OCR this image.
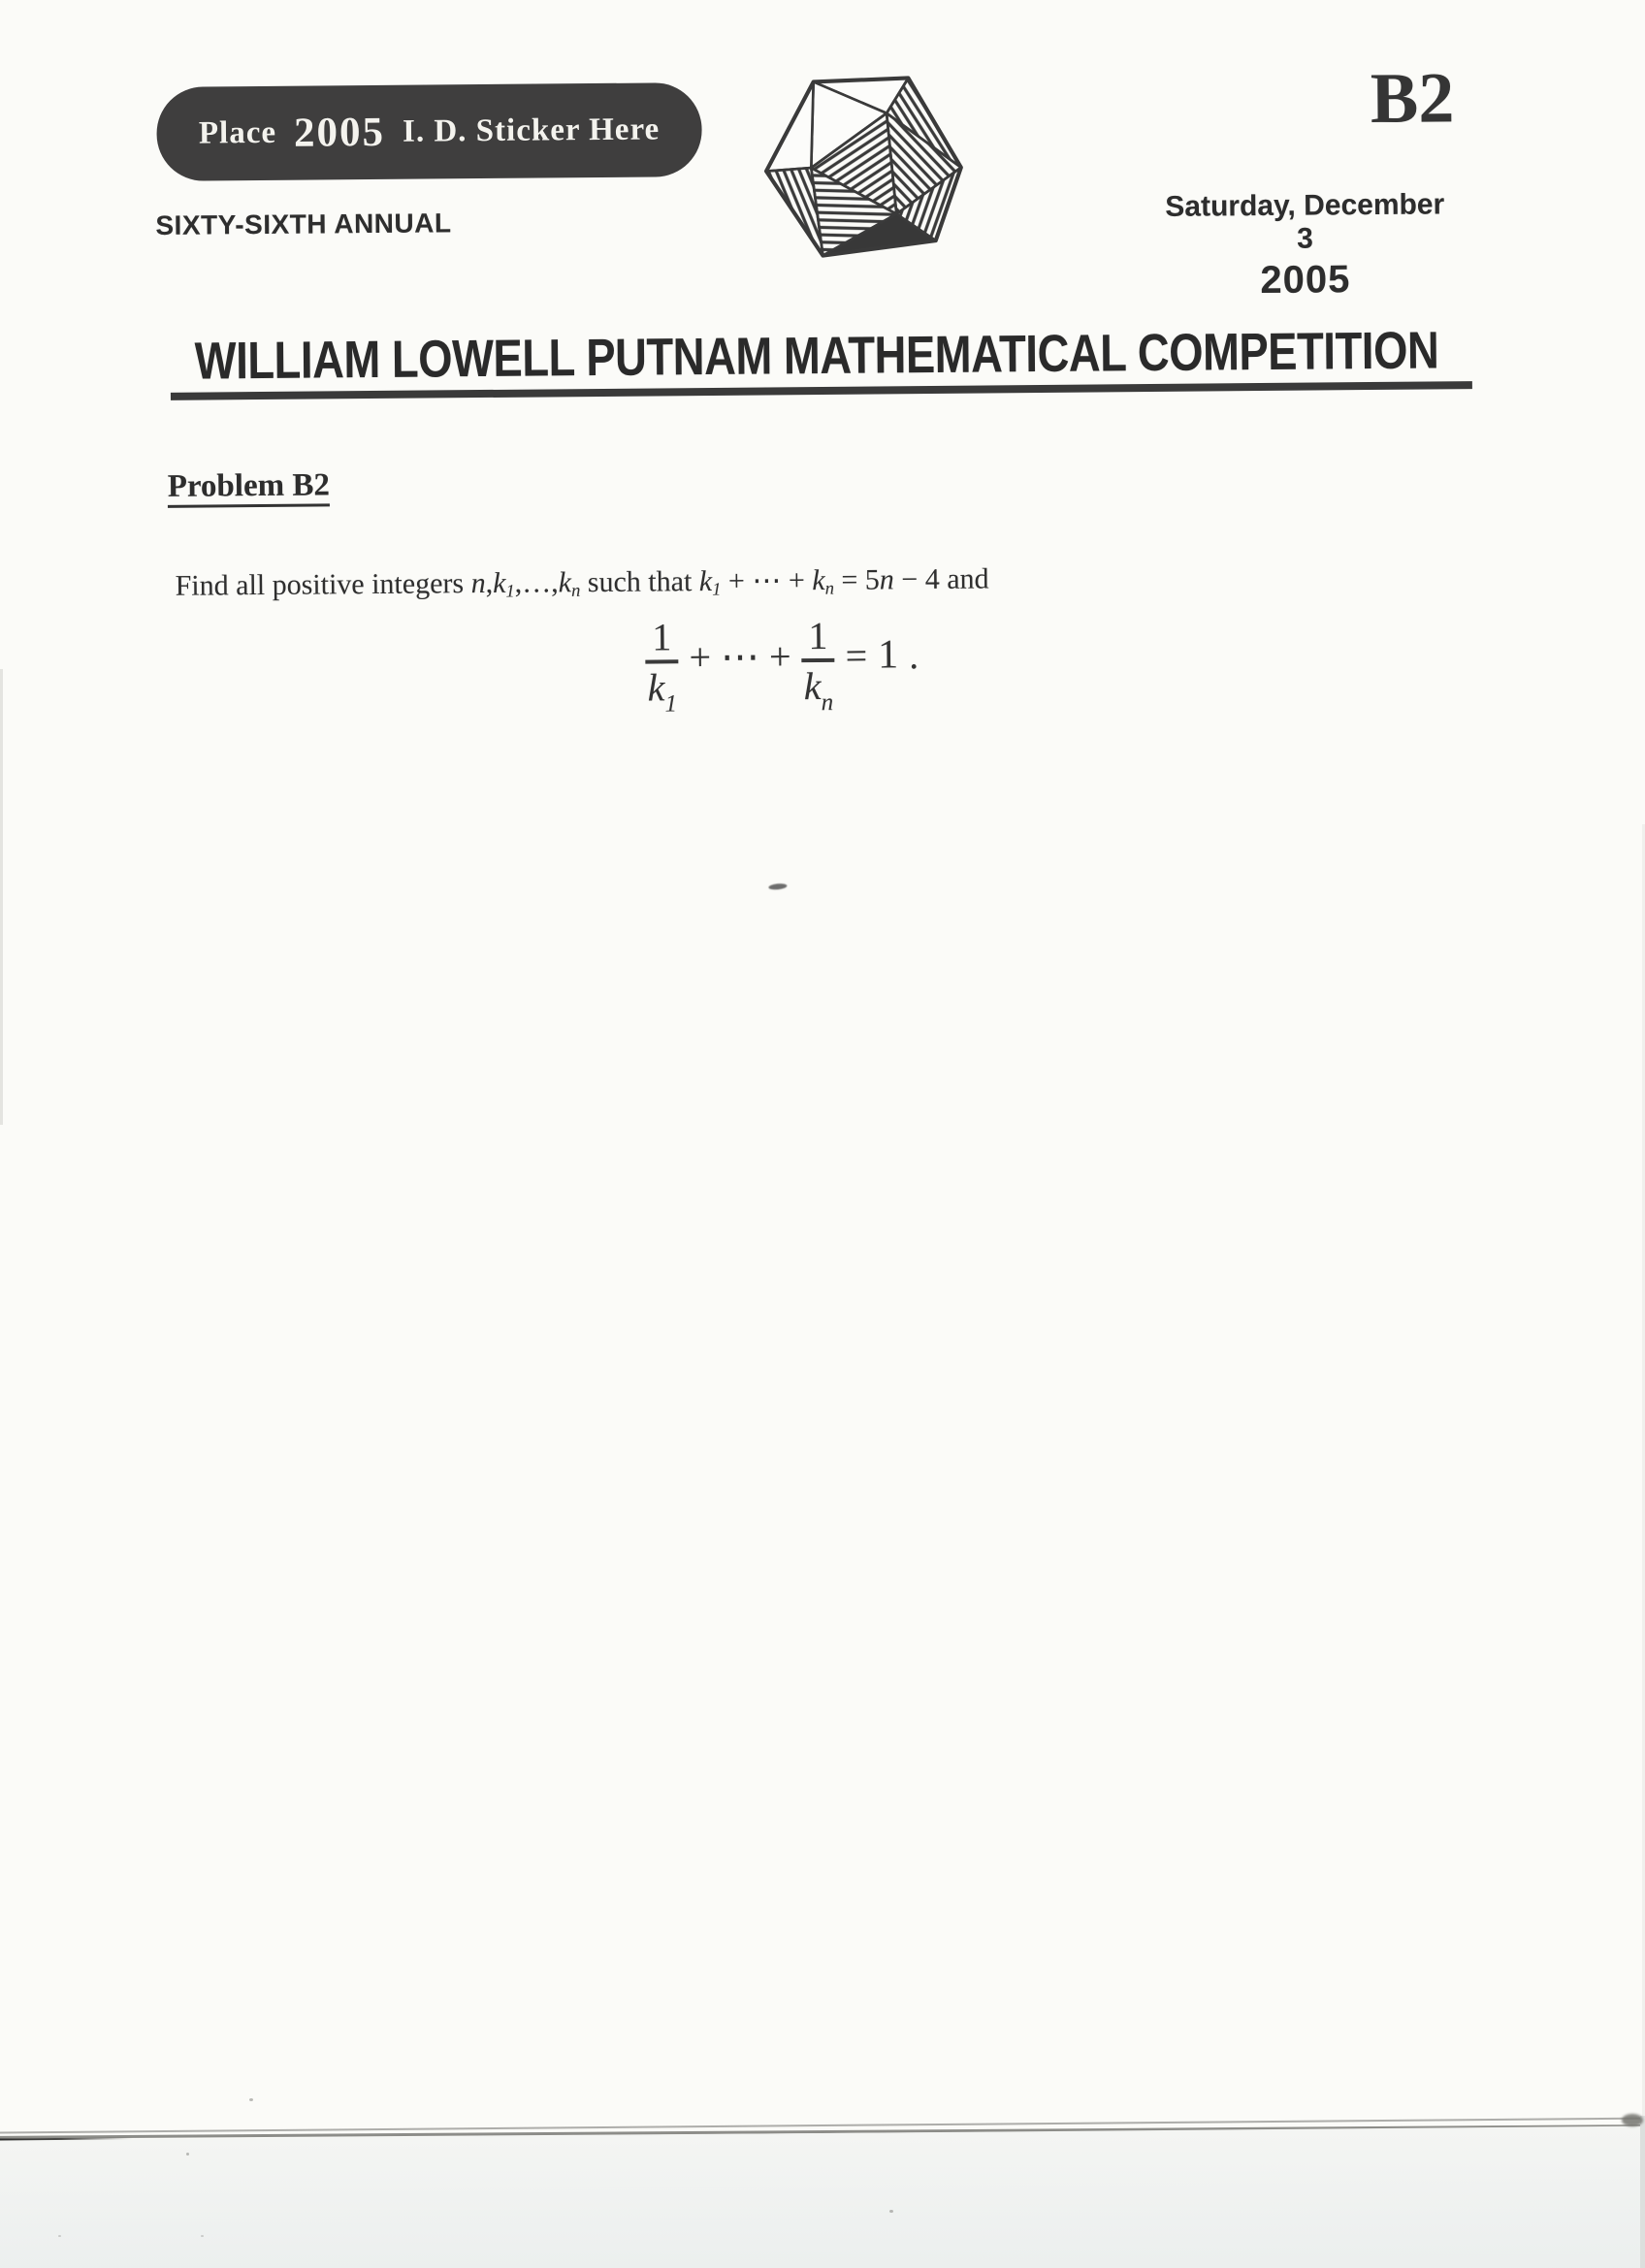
Place 2005 I. D. Sticker Here
SIXTY-SIXTH ANNUAL
B2
Saturday, December 3
2005
WILLIAM LOWELL PUTNAM MATHEMATICAL COMPETITION
Problem B2
Find all positive integers $n,k_1,\dots,k_n$ such that $k_1$ + ⋯ + $k_n = 5n - 4$ and
1
$k_1$
+ ⋯ + 1
$k_n$
= 1 .
